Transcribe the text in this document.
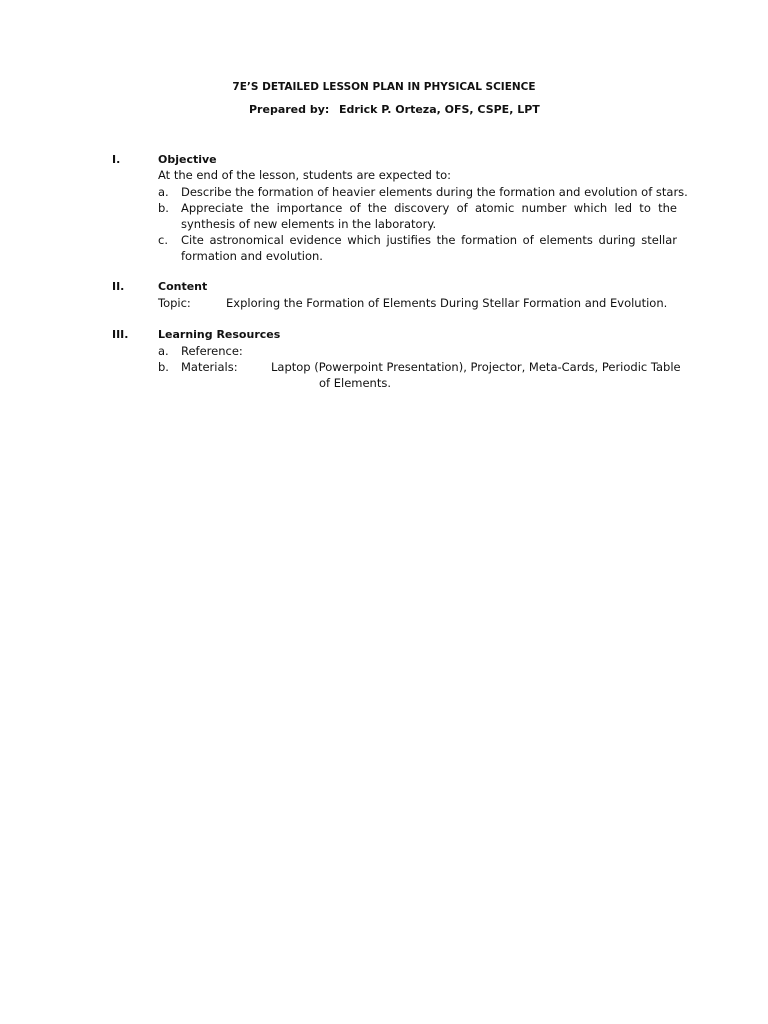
7E’S DETAILED LESSON PLAN IN PHYSICAL SCIENCE
Prepared by: Edrick P. Orteza, OFS, CSPE, LPT
I.	Objective
At the end of the lesson, students are expected to:
a. Describe the formation of heavier elements during the formation and evolution of stars.
b. Appreciate the importance of the discovery of atomic number which led to the synthesis of new elements in the laboratory.
c. Cite astronomical evidence which justifies the formation of elements during stellar formation and evolution.
II.	Content
Topic:	Exploring the Formation of Elements During Stellar Formation and Evolution.
III.	Learning Resources
a. Reference:
b. Materials:	Laptop (Powerpoint Presentation), Projector, Meta-Cards, Periodic Table
of Elements.
